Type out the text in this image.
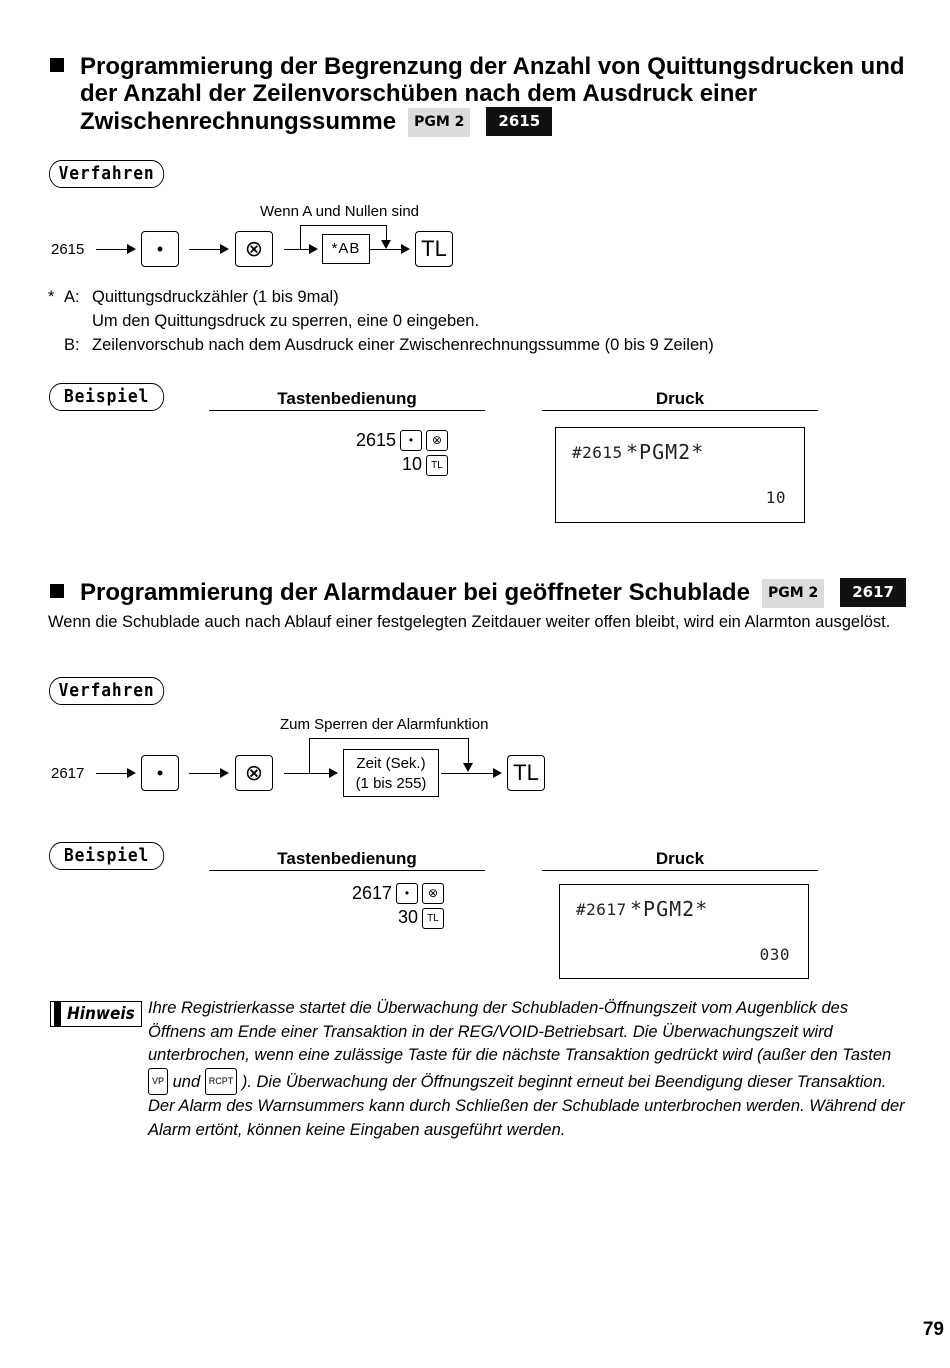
Programmierung der Begrenzung der Anzahl von Quittungsdrucken und
der Anzahl der Zeilenvorschüben nach dem Ausdruck einer
Zwischenrechnungssumme PGM 2 2615
Verfahren
Wenn A und Nullen sind
2615	•	⊗	*AB	TL
* A: Quittungsdruckzähler (1 bis 9mal)
Um den Quittungsdruck zu sperren, eine 0 eingeben.
B: Zeilenvorschub nach dem Ausdruck einer Zwischenrechnungssumme (0 bis 9 Zeilen)
Beispiel	Tastenbedienung	Druck
2615 • ⊗
10 TL
#2615 *PGM2*
10
Programmierung der Alarmdauer bei geöffneter Schublade PGM 2 2617
Wenn die Schublade auch nach Ablauf einer festgelegten Zeitdauer weiter offen bleibt, wird ein Alarmton ausgelöst.
Verfahren
Zum Sperren der Alarmfunktion
2617	•	⊗	Zeit (Sek.)
(1 bis 255)	TL
Beispiel	Tastenbedienung	Druck
2617 • ⊗
30 TL	#2617 *PGM2*
030
Hinweis Ihre Registrierkasse startet die Überwachung der Schubladen-Öffnungszeit vom Augenblick des Öffnens am Ende einer Transaktion in der REG/VOID-Betriebsart. Die Überwachungszeit wird unterbrochen, wenn eine zulässige Taste für die nächste Transaktion gedrückt wird (außer den Tasten VP und RCPT ). Die Überwachung der Öffnungszeit beginnt erneut bei Beendigung dieser Transaktion. Der Alarm des Warnsummers kann durch Schließen der Schublade unterbrochen werden. Während der Alarm ertönt, können keine Eingaben ausgeführt werden.
79
